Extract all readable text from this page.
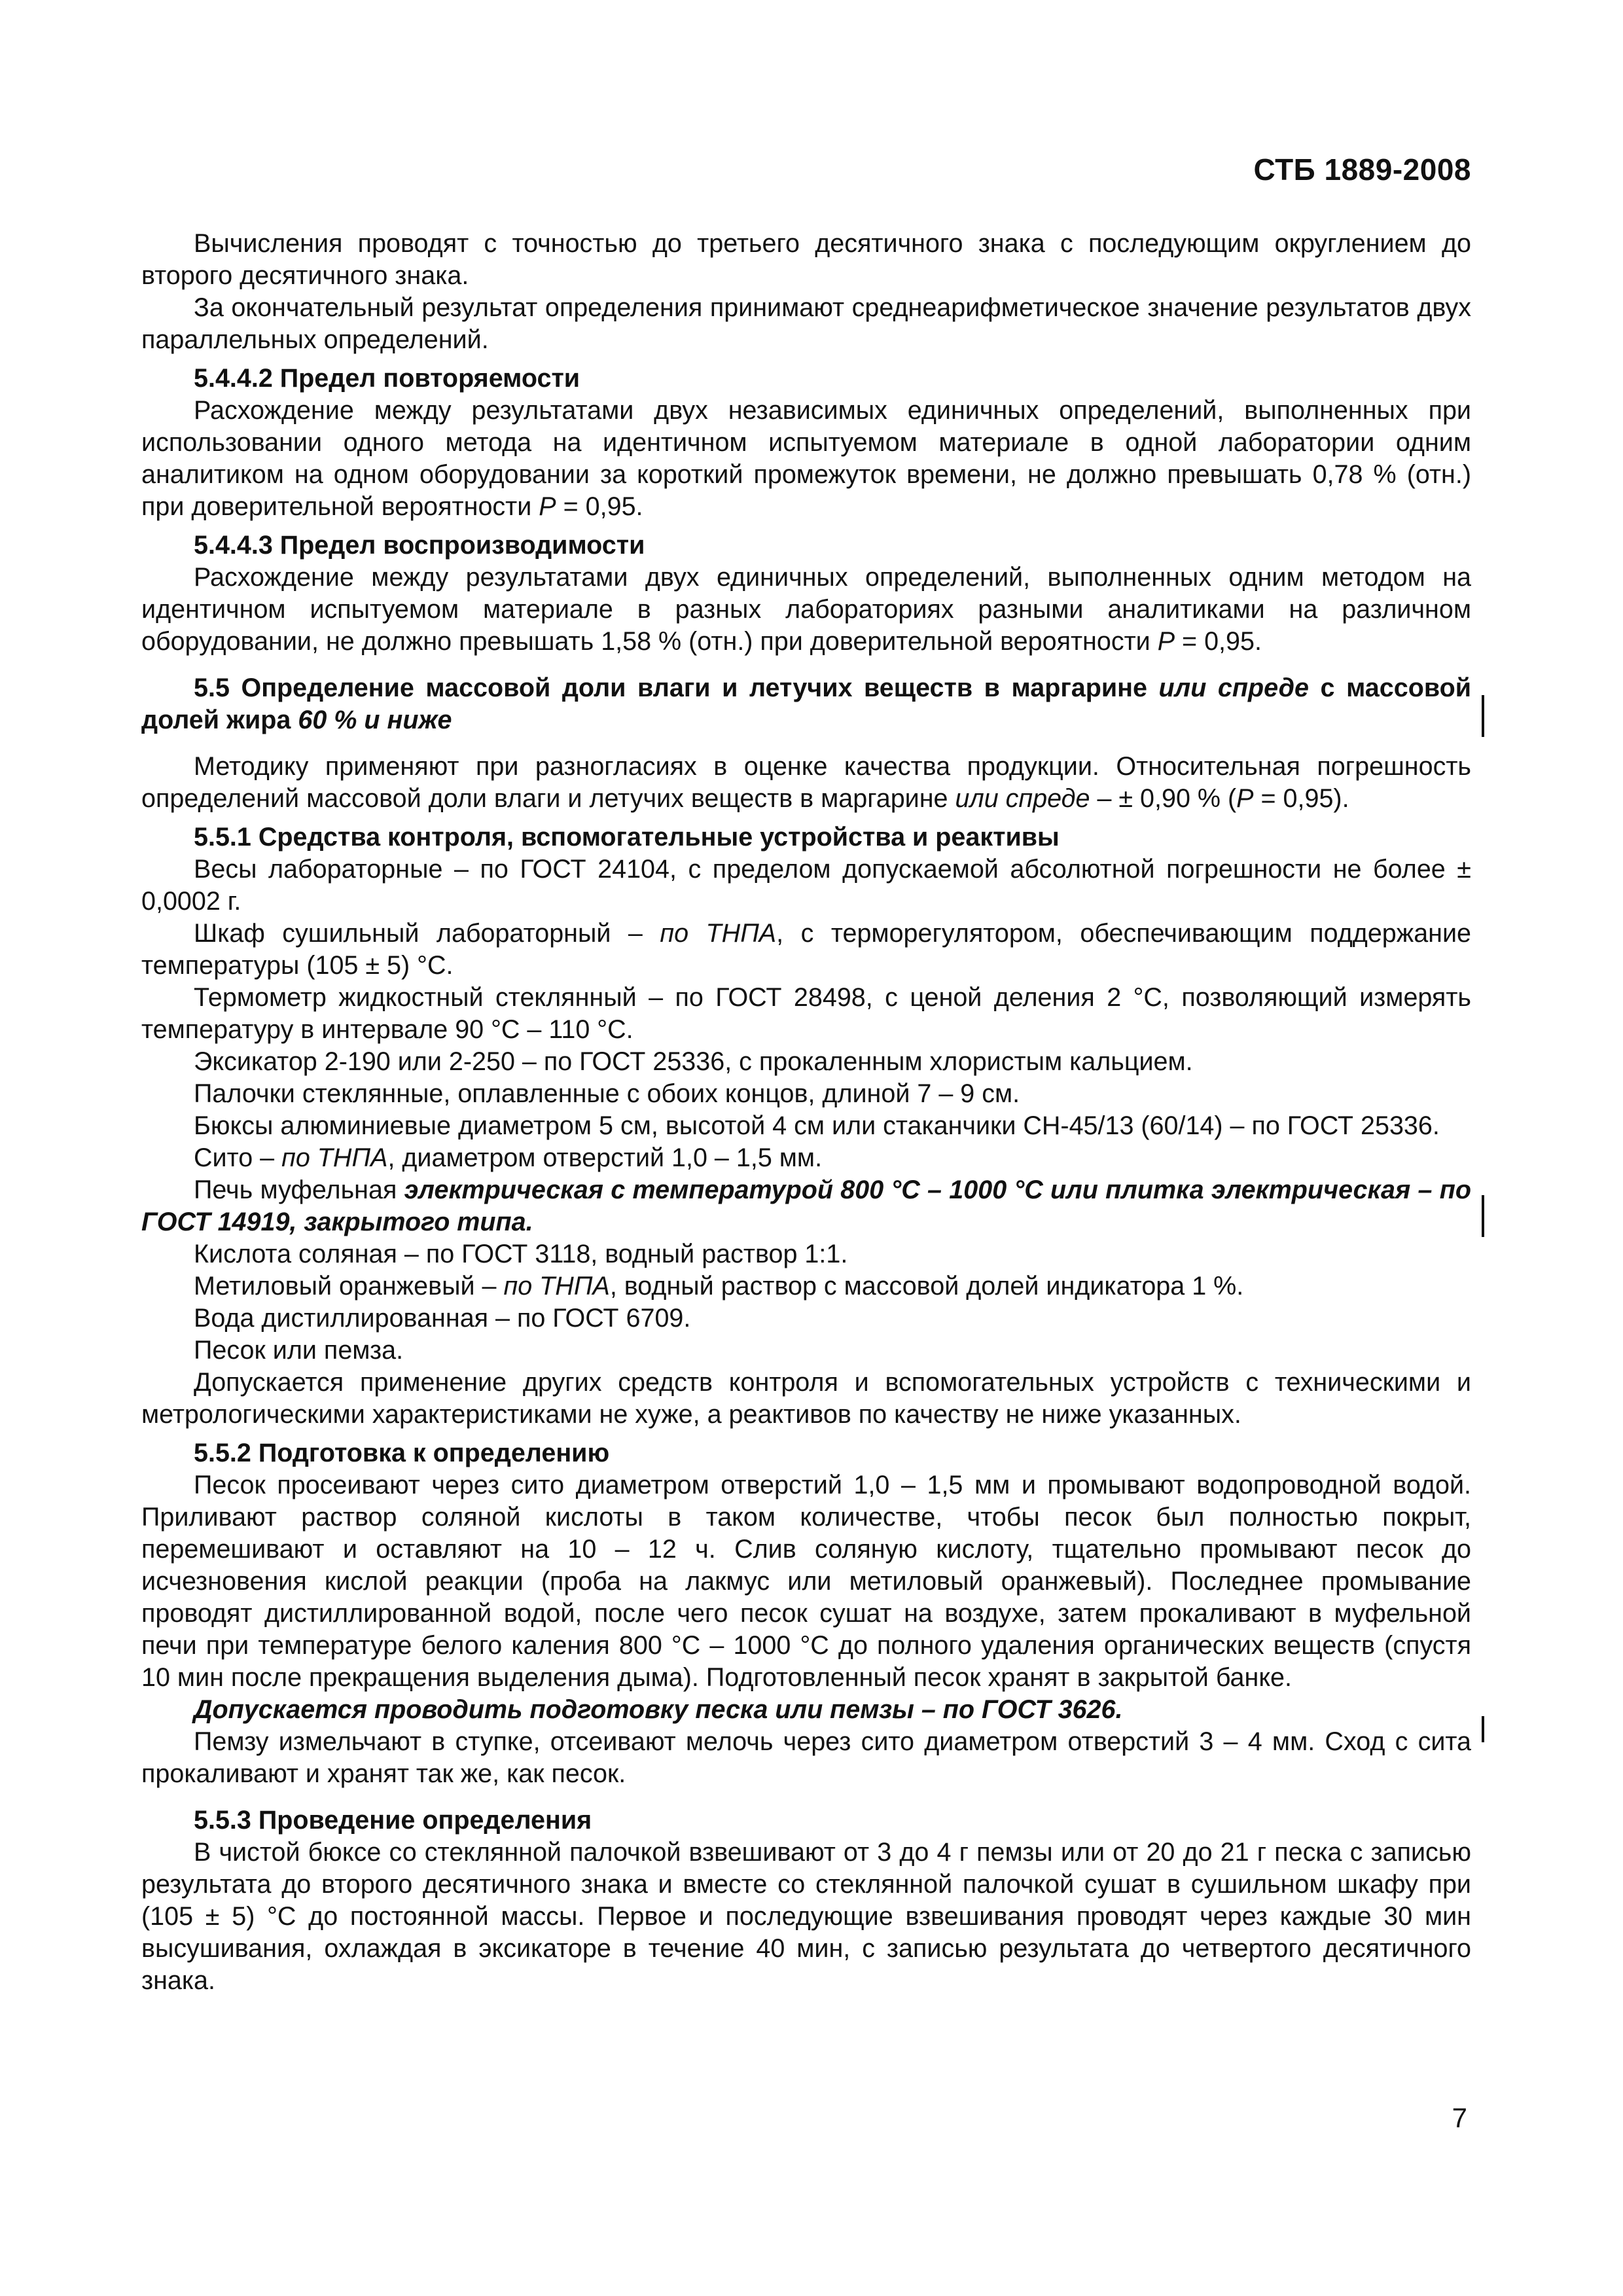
СТБ 1889-2008

Вычисления проводят с точностью до третьего десятичного знака с последующим округлением до второго десятичного знака.

За окончательный результат определения принимают среднеарифметическое значение результатов двух параллельных определений.

5.4.4.2 Предел повторяемости

Расхождение между результатами двух независимых единичных определений, выполненных при использовании одного метода на идентичном испытуемом материале в одной лаборатории одним аналитиком на одном оборудовании за короткий промежуток времени, не должно превышать 0,78 % (отн.) при доверительной вероятности P = 0,95.

5.4.4.3 Предел воспроизводимости

Расхождение между результатами двух единичных определений, выполненных одним методом на идентичном испытуемом материале в разных лабораториях разными аналитиками на различном оборудовании, не должно превышать 1,58 % (отн.) при доверительной вероятности P = 0,95.

5.5 Определение массовой доли влаги и летучих веществ в маргарине или спреде с массовой долей жира 60 % и ниже

Методику применяют при разногласиях в оценке качества продукции. Относительная погрешность определений массовой доли влаги и летучих веществ в маргарине или спреде – ± 0,90 % (P = 0,95).

5.5.1 Средства контроля, вспомогательные устройства и реактивы

Весы лабораторные – по ГОСТ 24104, с пределом допускаемой абсолютной погрешности не более ± 0,0002 г.

Шкаф сушильный лабораторный – по ТНПА, с терморегулятором, обеспечивающим поддержание температуры (105 ± 5) °С.

Термометр жидкостный стеклянный – по ГОСТ 28498, с ценой деления 2 °С, позволяющий измерять температуру в интервале 90 °С – 110 °С.

Эксикатор 2-190 или 2-250 – по ГОСТ 25336, с прокаленным хлористым кальцием.

Палочки стеклянные, оплавленные с обоих концов, длиной 7 – 9 см.

Бюксы алюминиевые диаметром 5 см, высотой 4 см или стаканчики СН-45/13 (60/14) – по ГОСТ 25336.

Сито – по ТНПА, диаметром отверстий 1,0 – 1,5 мм.

Печь муфельная электрическая с температурой 800 °С – 1000 °С или плитка электрическая – по ГОСТ 14919, закрытого типа.

Кислота соляная – по ГОСТ 3118, водный раствор 1:1.

Метиловый оранжевый – по ТНПА, водный раствор с массовой долей индикатора 1 %.

Вода дистиллированная – по ГОСТ 6709.

Песок или пемза.

Допускается применение других средств контроля и вспомогательных устройств с техническими и метрологическими характеристиками не хуже, а реактивов по качеству не ниже указанных.

5.5.2 Подготовка к определению

Песок просеивают через сито диаметром отверстий 1,0 – 1,5 мм и промывают водопроводной водой. Приливают раствор соляной кислоты в таком количестве, чтобы песок был полностью покрыт, перемешивают и оставляют на 10 – 12 ч. Слив соляную кислоту, тщательно промывают песок до исчезновения кислой реакции (проба на лакмус или метиловый оранжевый). Последнее промывание проводят дистиллированной водой, после чего песок сушат на воздухе, затем прокаливают в муфельной печи при температуре белого каления 800 °С – 1000 °С до полного удаления органических веществ (спустя 10 мин после прекращения выделения дыма). Подготовленный песок хранят в закрытой банке.

Допускается проводить подготовку песка или пемзы – по ГОСТ 3626.

Пемзу измельчают в ступке, отсеивают мелочь через сито диаметром отверстий 3 – 4 мм. Сход с сита прокаливают и хранят так же, как песок.

5.5.3 Проведение определения

В чистой бюксе со стеклянной палочкой взвешивают от 3 до 4 г пемзы или от 20 до 21 г песка с записью результата до второго десятичного знака и вместе со стеклянной палочкой сушат в сушильном шкафу при (105 ± 5) °С до постоянной массы. Первое и последующие взвешивания проводят через каждые 30 мин высушивания, охлаждая в эксикаторе в течение 40 мин, с записью результата до четвертого десятичного знака.

7
